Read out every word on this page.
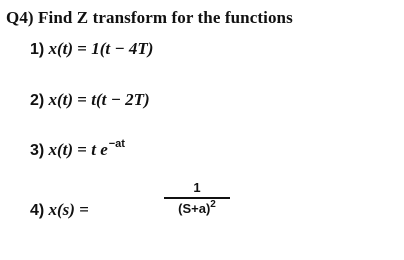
Q4) Find Z transform for the functions
1) x(t) = 1(t − 4T)
2) x(t) = t(t − 2T)
3) x(t) = t $e^{-at}$
4) x(s) =
1
$(S+a)^2$
